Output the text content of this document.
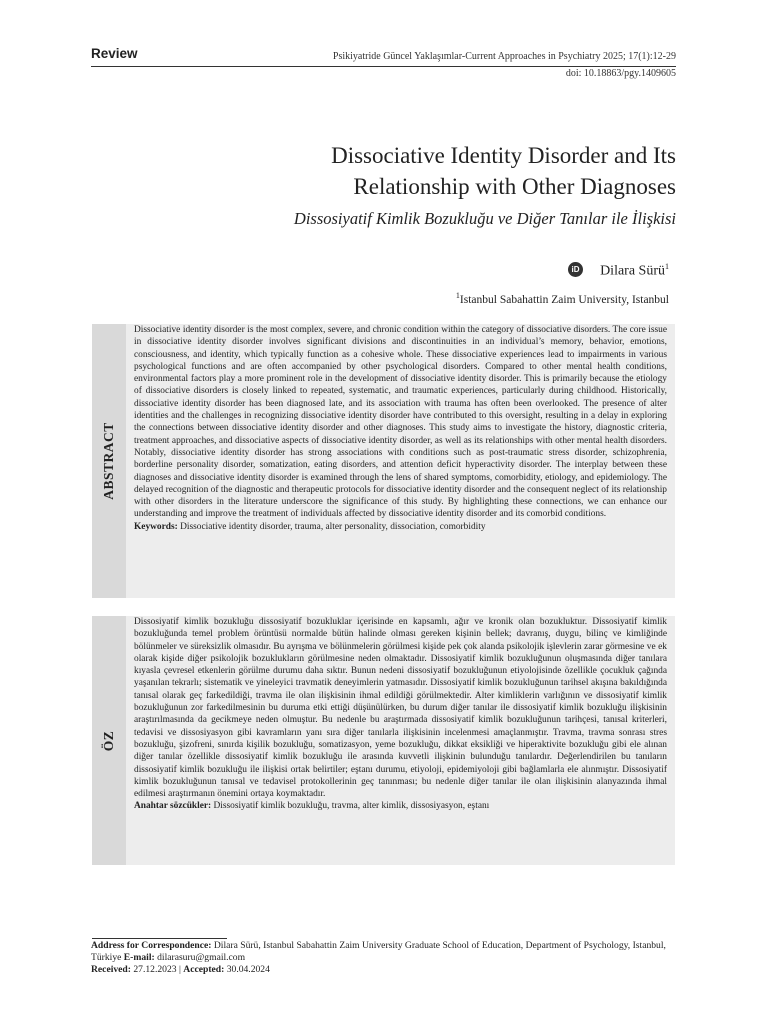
Review	Psikiyatride Güncel Yaklaşımlar-Current Approaches in Psychiatry 2025; 17(1):12-29
doi: 10.18863/pgy.1409605
Dissociative Identity Disorder and Its
Relationship with Other Diagnoses
Dissosiyatif Kimlik Bozukluğu ve Diğer Tanılar ile İlişkisi
iD Dilara Sürü$^1$
$^1$Istanbul Sabahattin Zaim University, Istanbul
ABSTRACT

Dissociative identity disorder is the most complex, severe, and chronic condition within the category of dissociative disorders. The core issue in dissociative identity disorder involves significant divisions and discontinuities in an individual’s memory, behavior, emotions, consciousness, and identity, which typically function as a cohesive whole. These dissociative experiences lead to impairments in various psychological functions and are often accompanied by other psychological disorders. Compared to other mental health conditions, environmental factors play a more prominent role in the development of dissociative identity disorder. This is primarily because the etiology of dissociative disorders is closely linked to repeated, systematic, and traumatic experiences, particularly during childhood. Historically, dissociative identity disorder has been diagnosed late, and its association with trauma has often been overlooked. The presence of alter identities and the challenges in recognizing dissociative identity disorder have contributed to this oversight, resulting in a delay in exploring the connections between dissociative identity disorder and other diagnoses. This study aims to investigate the history, diagnostic criteria, treatment approaches, and dissociative aspects of dissociative identity disorder, as well as its relationships with other mental health disorders. Notably, dissociative identity disorder has strong associations with conditions such as post-traumatic stress disorder, schizophrenia, borderline personality disorder, somatization, eating disorders, and attention deficit hyperactivity disorder. The interplay between these diagnoses and dissociative identity disorder is examined through the lens of shared symptoms, comorbidity, etiology, and epidemiology. The delayed recognition of the diagnostic and therapeutic protocols for dissociative identity disorder and the consequent neglect of its relationship with other disorders in the literature underscore the significance of this study. By highlighting these connections, we can enhance our understanding and improve the treatment of individuals affected by dissociative identity disorder and its comorbid conditions.

Keywords: Dissociative identity disorder, trauma, alter personality, dissociation, comorbidity

ÖZ

Dissosiyatif kimlik bozukluğu dissosiyatif bozukluklar içerisinde en kapsamlı, ağır ve kronik olan bozukluktur. Dissosiyatif kimlik bozukluğunda temel problem örüntüsü normalde bütün halinde olması gereken kişinin bellek; davranış, duygu, bilinç ve kimliğinde bölünmeler ve süreksizlik olmasıdır. Bu ayrışma ve bölünmelerin görülmesi kişide pek çok alanda psikolojik işlevlerin zarar görmesine ve ek olarak kişide diğer psikolojik bozuklukların görülmesine neden olmaktadır. Dissosiyatif kimlik bozukluğunun oluşmasında diğer tanılara kıyasla çevresel etkenlerin görülme durumu daha sıktır. Bunun nedeni dissosiyatif bozukluğunun etiyolojisinde özellikle çocukluk çağında yaşanılan tekrarlı; sistematik ve yineleyici travmatik deneyimlerin yatmasıdır. Dissosiyatif kimlik bozukluğunun tarihsel akışına bakıldığında tanısal olarak geç farkedildiği, travma ile olan ilişkisinin ihmal edildiği görülmektedir. Alter kimliklerin varlığının ve dissosiyatif kimlik bozukluğunun zor farkedilmesinin bu duruma etki ettiği düşünülürken, bu durum diğer tanılar ile dissosiyatif kimlik bozukluğu ilişkisinin araştırılmasında da gecikmeye neden olmuştur. Bu nedenle bu araştırmada dissosiyatif kimlik bozukluğunun tarihçesi, tanısal kriterleri, tedavisi ve dissosiyasyon gibi kavramların yanı sıra diğer tanılarla ilişkisinin incelenmesi amaçlanmıştır. Travma, travma sonrası stres bozukluğu, şizofreni, sınırda kişilik bozukluğu, somatizasyon, yeme bozukluğu, dikkat eksikliği ve hiperaktivite bozukluğu gibi ele alınan diğer tanılar özellikle dissosiyatif kimlik bozukluğu ile arasında kuvvetli ilişkinin bulunduğu tanılardır. Değerlendirilen bu tanıların dissosiyatif kimlik bozukluğu ile ilişkisi ortak belirtiler; eştanı durumu, etiyoloji, epidemiyoloji gibi bağlamlarla ele alınmıştır. Dissosiyatif kimlik bozukluğunun tanısal ve tedavisel protokollerinin geç tanınması; bu nedenle diğer tanılar ile olan ilişkisinin alanyazında ihmal edilmesi araştırmanın önemini ortaya koymaktadır.

Anahtar sözcükler: Dissosiyatif kimlik bozukluğu, travma, alter kimlik, dissosiyasyon, eştanı

Address for Correspondence: Dilara Sürü, Istanbul Sabahattin Zaim University Graduate School of Education, Department of Psychology, Istanbul, Türkiye E-mail: dilarasuru@gmail.com

Received: 27.12.2023 | Accepted: 30.04.2024
